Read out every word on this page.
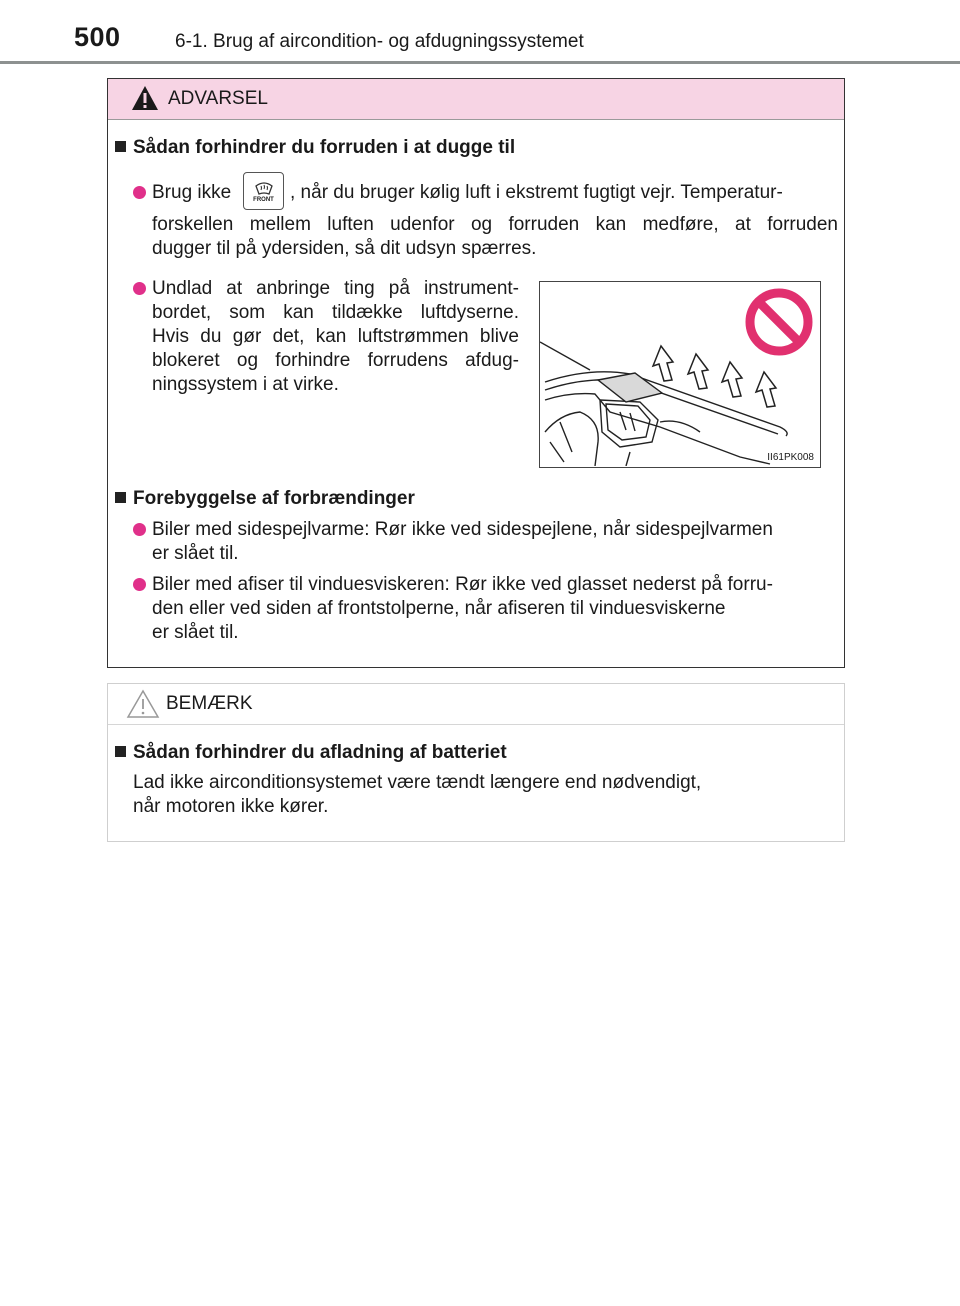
500	6-1. Brug af aircondition- og afdugningssystemet
ADVARSEL
Sådan forhindrer du forruden i at dugge til
Brug ikke	FRONT , når du bruger kølig luft i ekstremt fugtigt vejr. Temperatur-
forskellen mellem luften udenfor og forruden kan medføre, at forruden
dugger til på ydersiden, så dit udsyn spærres.
Undlad at anbringe ting på instrument-
bordet, som kan tildække luftdyserne.
Hvis du gør det, kan luftstrømmen blive
blokeret og forhindre forrudens afdug-
ningssystem i at virke.
II61PK008
Forebyggelse af forbrændinger
Biler med sidespejlvarme: Rør ikke ved sidespejlene, når sidespejlvarmen
er slået til.
Biler med afiser til vinduesviskeren: Rør ikke ved glasset nederst på forru-
den eller ved siden af frontstolperne, når afiseren til vinduesviskerne
er slået til.
BEMÆRK
Sådan forhindrer du afladning af batteriet
Lad ikke airconditionsystemet være tændt længere end nødvendigt,
når motoren ikke kører.
